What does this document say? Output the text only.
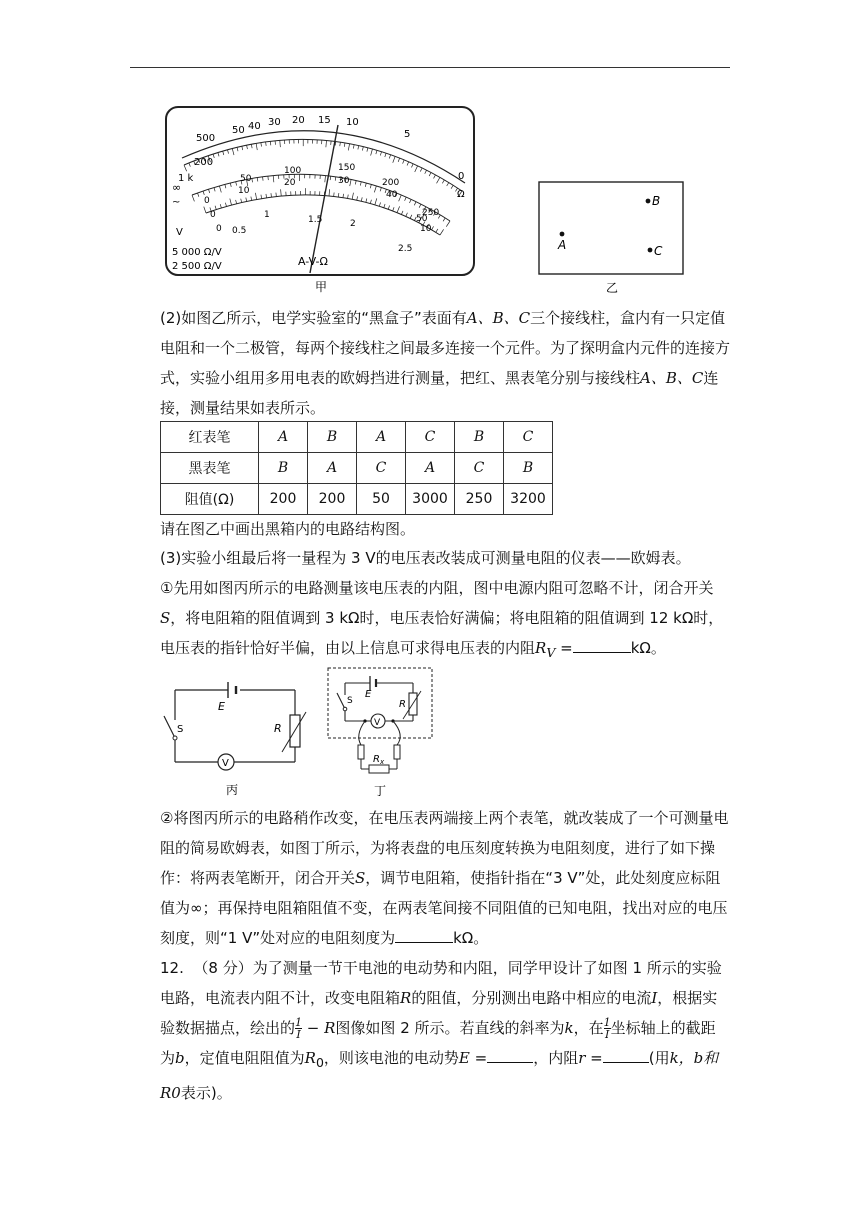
1 k
∞
500
200
50 40 30 20 15 10
5
0
Ω
50
100	150
200
250
0
10
20	30
40
50
10
0
0 0.5
1	1.5	2
2.5
~
V
5 000 Ω/V
2 500 Ω/V	A-V-Ω
甲
B
A	C
乙

(2)如图乙所示，电学实验室的“黑盒子”表面有A、B、C三个接线柱，盒内有一只定值电阻和一个二极管，每两个接线柱之间最多连接一个元件。为了探明盒内元件的连接方式，实验小组用多用电表的欧姆挡进行测量，把红、黑表笔分别与接线柱A、B、C连接，测量结果如表所示。

红表笔	A	B	A	C	B	C
黑表笔	B	A	C	A	C	B
阻值(Ω)	200	200	50	3000	250	3200

请在图乙中画出黑箱内的电路结构图。

(3)实验小组最后将一量程为 3 V的电压表改装成可测量电阻的仪表——欧姆表。

①先用如图丙所示的电路测量该电压表的内阻，图中电源内阻可忽略不计，闭合开关S，将电阻箱的阻值调到 3 kΩ时，电压表恰好满偏；将电阻箱的阻值调到 12 kΩ时，电压表的指针恰好半偏，由以上信息可求得电压表的内阻$R_V$ =	kΩ。

E
R
V
S
丙
E
R
V
S
$R_x$
丁

②将图丙所示的电路稍作改变，在电压表两端接上两个表笔，就改装成了一个可测量电阻的简易欧姆表，如图丁所示，为将表盘的电压刻度转换为电阻刻度，进行了如下操作：将两表笔断开，闭合开关S，调节电阻箱，使指针指在“3 V”处，此处刻度应标阻值为∞；再保持电阻箱阻值不变，在两表笔间接不同阻值的已知电阻，找出对应的电压刻度，则“1 V”处对应的电阻刻度为	kΩ。

12. （8 分）为了测量一节干电池的电动势和内阻，同学甲设计了如图 1 所示的实验电路，电流表内阻不计，改变电阻箱R的阻值，分别测出电路中相应的电流I，根据实验数据描点，绘出的 $\frac{1}{I} - R$图像如图 2 所示。若直线的斜率为k，在 $\frac{1}{I}$ 坐标轴上的截距为b，定值电阻阻值为$R_0$，则该电池的电动势E =	，内阻r =	(用k，b和R0表示)。
